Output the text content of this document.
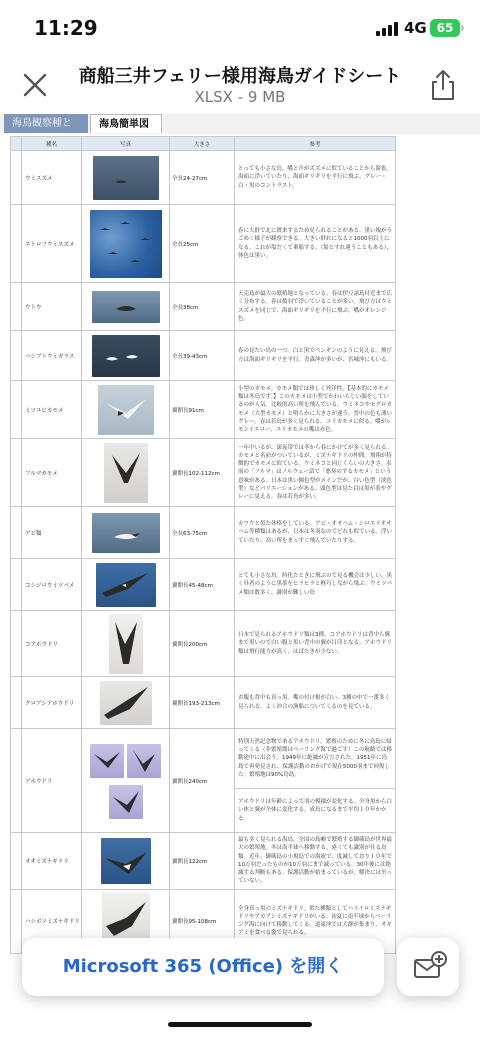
11:29	4G 65
商船三井フェリー様用海鳥ガイドシート
XLSX - 9 MB
海鳥観察種と	海鳥簡単図
	種名	写真	大きさ	参考
	ウミスズメ		全長24-27cm	とっても小さな鳥。嘴と声がズズメに似ていることから海雀。海面に浮いていたり、海面ギリギリを平行に飛ぶ。グレー・白・黒のコントラスト。
	エトロフウミスズメ		全長25cm	春に大群で北に渡来するため見られることがある。黒い塊がうごめく様子が観察できる。大きい群れになると1000羽以上になる。これが塩だくて乗船する。（船とすれ違うこともある）、体色は黒い。
	ウトウ		全長38cm	天売島が最大の繁殖地となっている。春は伊豆諸島付近まで広く分布する。春は数羽で浮いていることが多い。飛び方はウミスズメを同じで、海面ギリギリを平行に飛ぶ。嘴がオレンジ色。
	ハシブトウミガラス		全長39-43cm	春の見たい鳥の一つ。白と黒でペンギンのように見える。飛び方は海面ギリギリを平行。青森沖が多いが、宮城沖にもいる。
	ミツユビカモメ		翼開長91cm	小型のカモメ。カモメ類では珍しく外洋性。【基本的にカモメ類は冬鳥です。】このカモメは小型でかわいらしい顔をしているのが人気。比較的高い所を飛んでいる。ウミネコやセグロカモメ（大型カモメ）と明らかに大きさが違う。普中の色も薄いグレー。春は若鳥が多く見られる。ユリカモメに似る。嘴がレモンイエロー、ユリカモメの嘴は赤色。
	フルマカモメ		翼開長102-112cm	一年中いるが、深夜帯では冬から春にかけてが多く見られる。カモメと名前がついているが、ミズナギドリの仲間。飛翔が特徴的でカモメに似ている。ウミネコと同じくらいの大きさ。名前の「フルマ」はノルウェー語で「悪臭のするカモメ」という意味がある。日本は黒い個色型がメインだが、白い色型（淡色型）などバリエーションがある。頭色型は見た目は黒が茶やグレーに見える。春は若鳥が多い。
	アビ類		全長63-75cm	カワウと似た体格をしている。アビ・オオハム・シロエリオオハム等種類はあるが、日本は冬羽なのでどれも似ている。浮いていたり、高い所をまっすぐ飛んでいたりする。
	コシジロウミツバメ		翼開長45-48cm	とても小さな鳥。時化たときに飛ぶので見る機会は少しい。黒く昼者のように黒茶をヒラヒラと軽巧しながら飛ぶ。ウミツバメ類は数多く、識別が難しい鳥
	コアホウドリ		翼開長200cm	日本で見られるアホウドリ類は3種。コアホウドリは背中ら翼まで黒いので白い腹と黒い背中の翼が目印となる。アホウドリ類は飛行能力が高く、はばたきが少ない。
	クロアシアホウドリ		翼開長193-213cm	お腹も背中も真っ黒。嘴の付け根が白い。3種の中で一番多く見られる。よく沖合の漁船についてくるのを見ている。
	アホウドリ		翼開長240cm	特別天然記念物であるアホウドリ。繁殖のために冬に鳥島に帰ってくる（非繁殖期はベーリング海で過ごす）この航路では移動途中に出会う。1949年に絶滅が宣言された。1951年に鳥島で再発見され、保護活動のおかげで現在5000羽まで回復した。繁殖地は90%鳥島。
				アホウドリは年齢によって羽の模様が変化する。全身黒から白い体と翼が全体に変化する。成鳥になるまで平均１０年かかる。
	オオミズナギドリ		翼開長122cm	最も多く見られる海鳥。全国の島嶼で繁殖する御蔵島が世界最大の繁殖地。冬は南半球へ移動する。違くても識別が仕る鳥類。近年、御蔵島の小規島での海流で、度減しており１０年で10万羽だったものが10万羽にまで減っている。30年後には絶滅する判断もある。保護活動が始まっているが、解決には至っていない。
	ハシボソミズナギドリ		翼開長95-108cm	全身真っ黒のミズナギドリ。似た種類としてハイイロミズナギドリやアカアシミズナギドリがいる。初夏に南半球からベーリング海に向けて移動してくる。道東沖では大群が集まり、オキアミを食べる姿で見られる。
Microsoft 365 (Office) を開く
